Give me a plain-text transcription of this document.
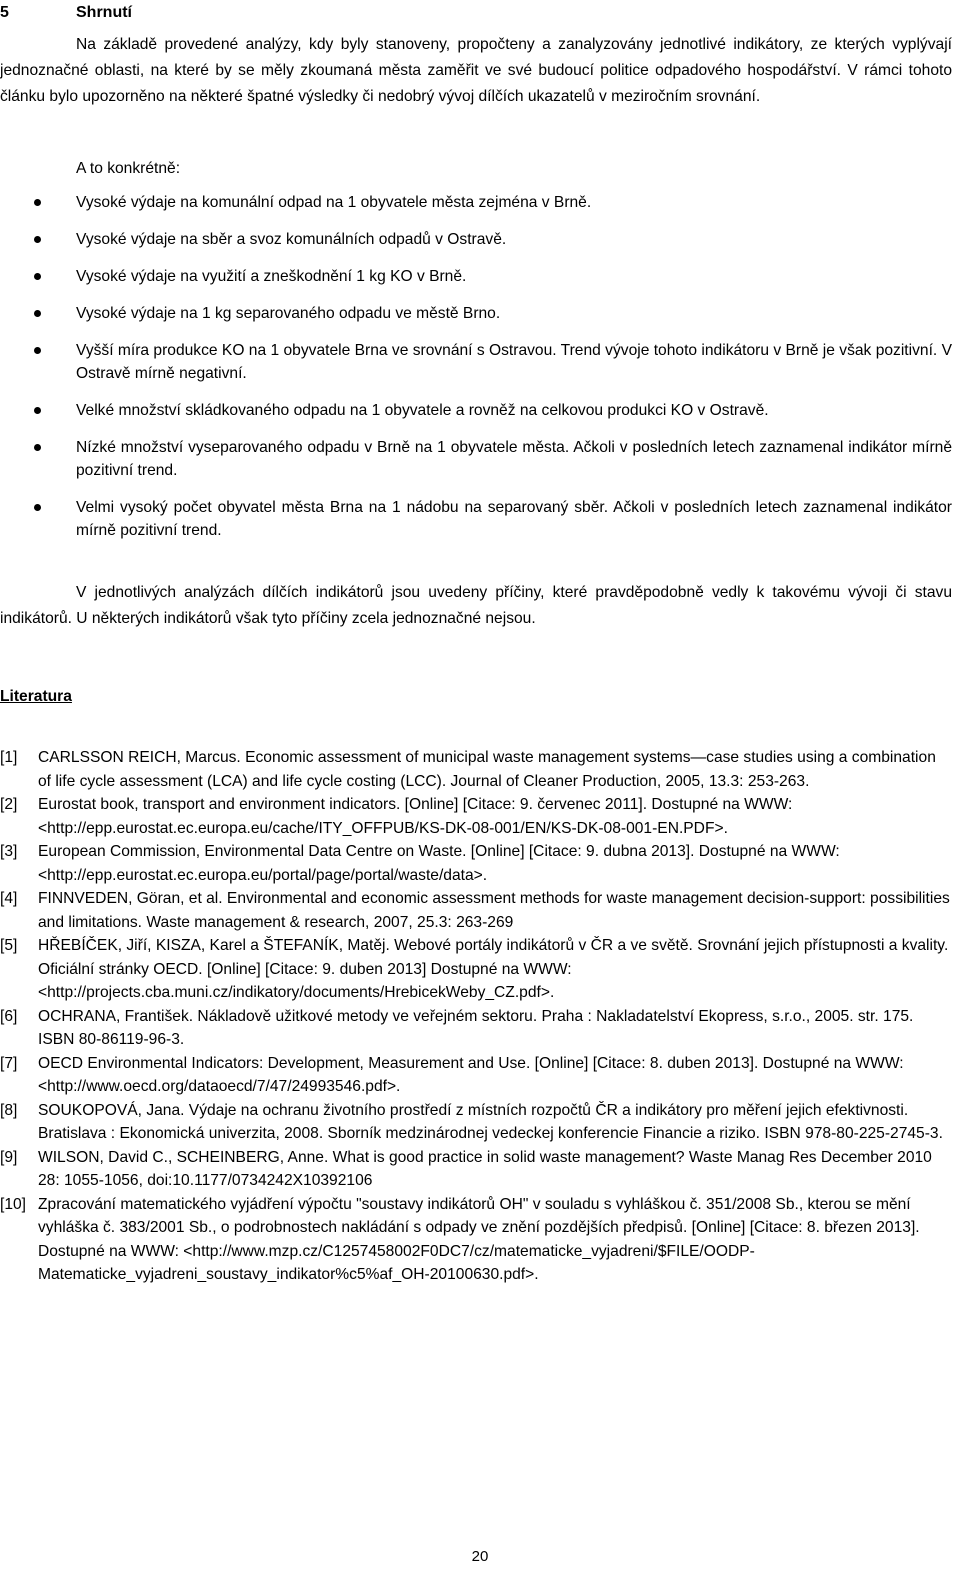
5	Shrnutí

Na základě provedené analýzy, kdy byly stanoveny, propočteny a zanalyzovány jednotlivé indikátory, ze kterých vyplývají jednoznačné oblasti, na které by se měly zkoumaná města zaměřit ve své budoucí politice odpadového hospodářství. V rámci tohoto článku bylo upozorněno na některé špatné výsledky či nedobrý vývoj dílčích ukazatelů v meziročním srovnání.

A to konkrétně:
Vysoké výdaje na komunální odpad na 1 obyvatele města zejména v Brně.
Vysoké výdaje na sběr a svoz komunálních odpadů v Ostravě.
Vysoké výdaje na využití a zneškodnění 1 kg KO v Brně.
Vysoké výdaje na 1 kg separovaného odpadu ve městě Brno.
Vyšší míra produkce KO na 1 obyvatele Brna ve srovnání s Ostravou. Trend vývoje tohoto indikátoru v Brně je však pozitivní. V Ostravě mírně negativní.
Velké množství skládkovaného odpadu na 1 obyvatele a rovněž na celkovou produkci KO v Ostravě.
Nízké množství vyseparovaného odpadu v Brně na 1 obyvatele města. Ačkoli v posledních letech zaznamenal indikátor mírně pozitivní trend.
Velmi vysoký počet obyvatel města Brna na 1 nádobu na separovaný sběr. Ačkoli v posledních letech zaznamenal indikátor mírně pozitivní trend.

V jednotlivých analýzách dílčích indikátorů jsou uvedeny příčiny, které pravděpodobně vedly k takovému vývoji či stavu indikátorů. U některých indikátorů však tyto příčiny zcela jednoznačné nejsou.

Literatura
[1] CARLSSON REICH, Marcus. Economic assessment of municipal waste management systems—case studies using a combination of life cycle assessment (LCA) and life cycle costing (LCC). Journal of Cleaner Production, 2005, 13.3: 253-263.
[2] Eurostat book, transport and environment indicators. [Online] [Citace: 9. červenec 2011]. Dostupné na WWW: <http://epp.eurostat.ec.europa.eu/cache/ITY_OFFPUB/KS-DK-08-001/EN/KS-DK-08-001-EN.PDF>.
[3] European Commission, Environmental Data Centre on Waste. [Online] [Citace: 9. dubna 2013]. Dostupné na WWW: <http://epp.eurostat.ec.europa.eu/portal/page/portal/waste/data>.
[4] FINNVEDEN, Göran, et al. Environmental and economic assessment methods for waste management decision-support: possibilities and limitations. Waste management & research, 2007, 25.3: 263-269
[5] HŘEBÍČEK, Jiří, KISZA, Karel a ŠTEFANÍK, Matěj. Webové portály indikátorů v ČR a ve světě. Srovnání jejich přístupnosti a kvality. Oficiální stránky OECD. [Online] [Citace: 9. duben 2013] Dostupné na WWW: <http://projects.cba.muni.cz/indikatory/documents/HrebicekWeby_CZ.pdf>.
[6] OCHRANA, František. Nákladově užitkové metody ve veřejném sektoru. Praha : Nakladatelství Ekopress, s.r.o., 2005. str. 175. ISBN 80-86119-96-3.
[7] OECD Environmental Indicators: Development, Measurement and Use. [Online] [Citace: 8. duben 2013]. Dostupné na WWW: <http://www.oecd.org/dataoecd/7/47/24993546.pdf>.
[8] SOUKOPOVÁ, Jana. Výdaje na ochranu životního prostředí z místních rozpočtů ČR a indikátory pro měření jejich efektivnosti. Bratislava : Ekonomická univerzita, 2008. Sborník medzinárodnej vedeckej konferencie Financie a riziko. ISBN 978-80-225-2745-3.
[9] WILSON, David C., SCHEINBERG, Anne. What is good practice in solid waste management? Waste Manag Res December 2010 28: 1055-1056, doi:10.1177/0734242X10392106
[10] Zpracování matematického vyjádření výpočtu "soustavy indikátorů OH" v souladu s vyhláškou č. 351/2008 Sb., kterou se mění vyhláška č. 383/2001 Sb., o podrobnostech nakládání s odpady ve znění pozdějších předpisů. [Online] [Citace: 8. březen 2013]. Dostupné na WWW: <http://www.mzp.cz/C1257458002F0DC7/cz/matematicke_vyjadreni/$FILE/OODP-Matematicke_vyjadreni_soustavy_indikator%c5%af_OH-20100630.pdf>.
20
